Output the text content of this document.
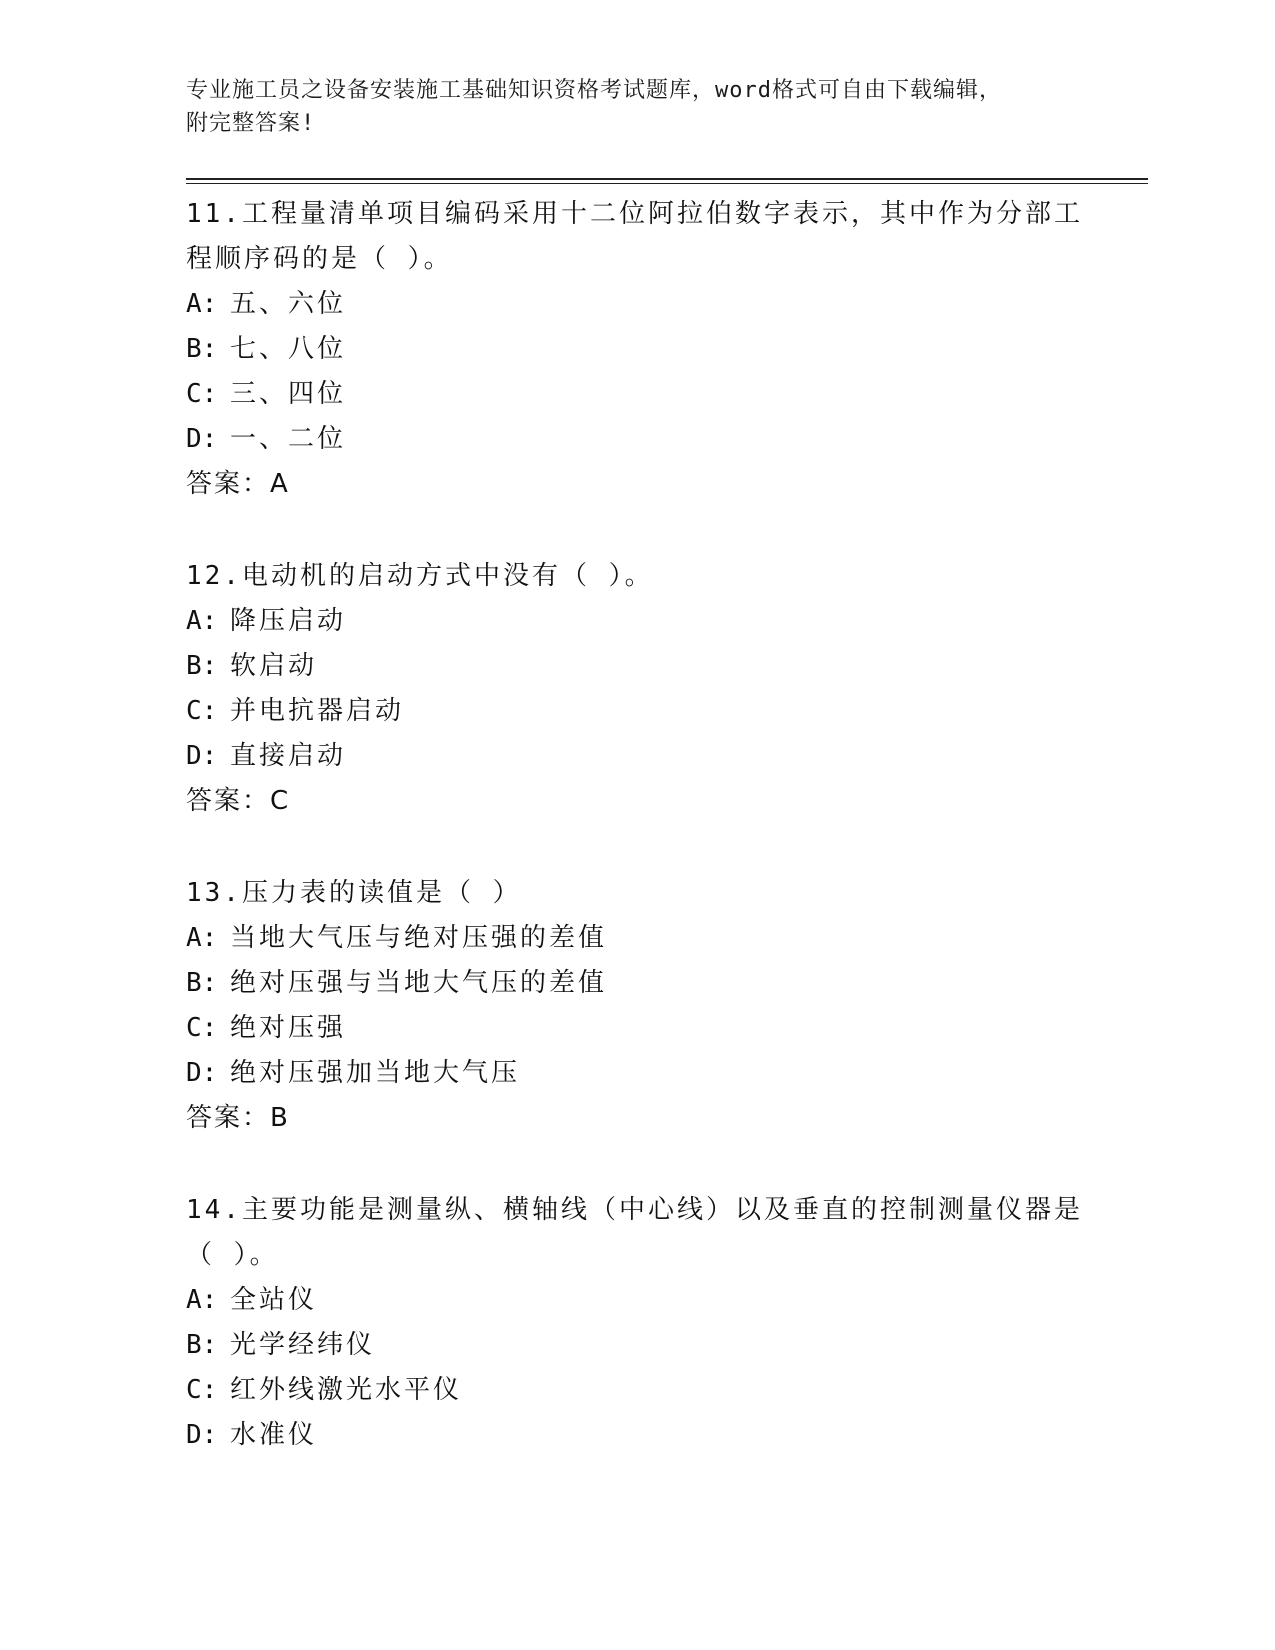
专业施工员之设备安装施工基础知识资格考试题库，word格式可自由下载编辑，
附完整答案!
11.工程量清单项目编码采用十二位阿拉伯数字表示，其中作为分部工
程顺序码的是（ ）。
A: 五、六位
B: 七、八位
C: 三、四位
D: 一、二位
答案：A
12.电动机的启动方式中没有（ ）。
A: 降压启动
B: 软启动
C: 并电抗器启动
D: 直接启动
答案：C
13.压力表的读值是（ ）
A: 当地大气压与绝对压强的差值
B: 绝对压强与当地大气压的差值
C: 绝对压强
D: 绝对压强加当地大气压
答案：B
14.主要功能是测量纵、横轴线（中心线）以及垂直的控制测量仪器是
（ ）。
A: 全站仪
B: 光学经纬仪
C: 红外线激光水平仪
D: 水准仪
